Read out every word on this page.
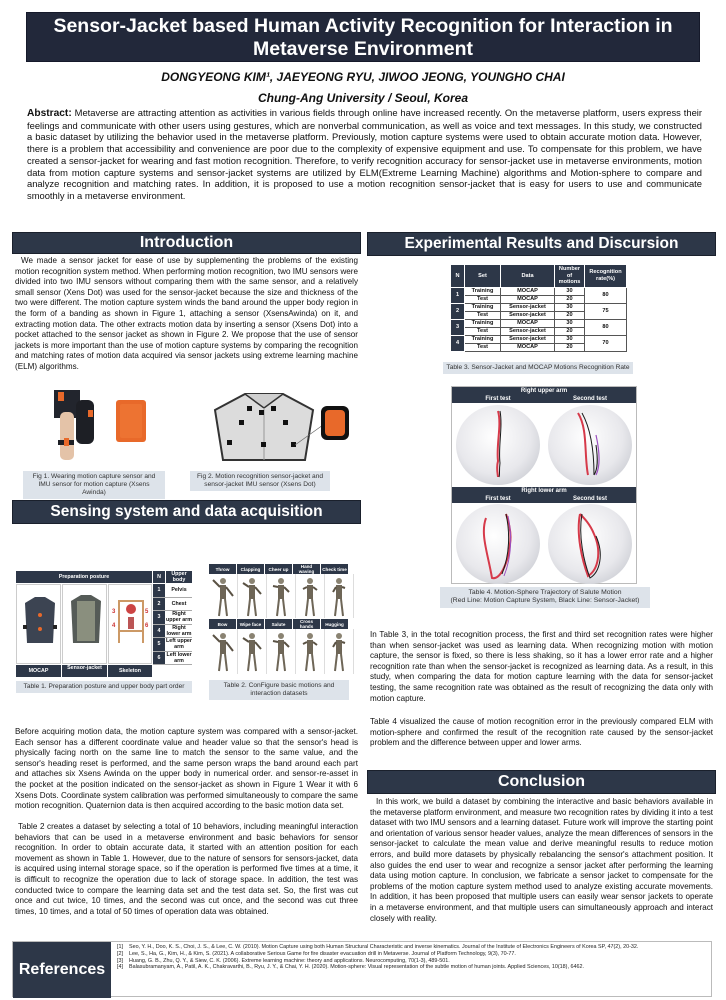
Sensor-Jacket based Human Activity Recognition for Interaction in
Metaverse Environment
DONGYEONG KIM¹, JAEYEONG RYU, JIWOO JEONG, YOUNGHO CHAI
Chung-Ang University / Seoul, Korea
Abstract: Metaverse are attracting attention as activities in various fields through online have increased recently. On the metaverse platform, users express their feelings and communicate with other users using gestures, which are nonverbal communication, as well as voice and text messages. In this study, we constructed a basic dataset by utilizing the behavior used in the metaverse platform. Previously, motion capture systems were used to obtain accurate motion data. However, there is a problem that accessibility and convenience are poor due to the complexity of expensive equipment and use. To compensate for this problem, we have created a sensor-jacket for wearing and fast motion recognition. Therefore, to verify recognition accuracy for sensor-jacket use in metaverse environments, motion data from motion capture systems and sensor-jacket systems are utilized by ELM(Extreme Learning Machine) algorithms and Motion-sphere to compare and analyze recognition and matching rates. In addition, it is proposed to use a motion recognition sensor-jacket that is easy for users to use and communicate smoothly in a metaverse environment.
Introduction
We made a sensor jacket for ease of use by supplementing the problems of the existing motion recognition system method. When performing motion recognition, two IMU sensors were divided into two IMU sensors without comparing them with the same sensor, and a relatively small sensor (Xens Dot) was used for the sensor-jacket because the size and thickness of the two were different. The motion capture system winds the band around the upper body region in the form of a banding as shown in Figure 1, attaching a sensor (XsensAwinda) on it, and extracting motion data. The other extracts motion data by inserting a sensor (Xsens Dot) into a pocket attached to the sensor jacket as shown in Figure 2. We propose that the use of sensor jackets is more important than the use of motion capture systems by comparing the recognition and matching rates of motion data acquired via sensor jackets using extreme learning machine (ELM) algorithms.
Fig 1. Wearing motion capture sensor and IMU sensor for motion capture (Xsens Awinda)
Fig 2. Motion recognition sensor-jacket and sensor-jacket IMU sensor (Xsens Dot)
Sensing system and data acquisition
Preparation posture	N	Upper body
3	5
4	6
MOCAP	Sensor-jacket	Skeleton
1	Pelvis
2	Chest
3	Right upper arm
4	Right lower arm
5	Left upper arm
6	Left lower arm
Table 1. Preparation posture and upper body part order
Throw	Clapping	Cheer up	Hand waving	Check time
Bow	Wipe face	Salute	Cross hands	Hugging
Table 2. ConFigure basic motions and interaction datasets
Before acquiring motion data, the motion capture system was compared with a sensor-jacket. Each sensor has a different coordinate value and header value so that the sensor's head is physically facing north on the same line to match the sensor to the same value, and the sensor's heading reset is performed, and the same person wraps the band around each part and attaches six Xsens Awinda on the upper body in numerical order. and sensor-re-asset in the pocket at the position indicated on the sensor-jacket as shown in Figure 1 Wear it with 6 Xsens Dots. Coordinate system calibration was performed simultaneously to compare the same motion recognition. Quaternion data is then acquired according to the basic motion data set.
Table 2 creates a dataset by selecting a total of 10 behaviors, including meaningful interaction behaviors that can be used in a metaverse environment and basic behaviors for sensor recognition. In order to obtain accurate data, it started with an attention position for each movement as shown in Table 1. However, due to the nature of sensors for sensors-jacket, data is acquired using internal storage space, so if the operation is performed five times at a time, it is difficult to recognize the operation due to lack of storage space. In addition, the test was conducted twice to compare the learning data set and the test data set. So, the first was cut once and cut twice, 10 times, and the second was cut once, and the second was cut three times, 10 times, and a total of 50 times of operation data was obtained.
Experimental Results and Discursion
N	Set	Data	Number of motions	Recognition rate(%)
1	Training	MOCAP	30	80
	Test	MOCAP	20	
2	Training	Sensor-jacket	30	75
	Test	Sensor-jacket	20	
3	Training	MOCAP	30	80
	Test	Sensor-jacket	20	
4	Training	Sensor-jacket	30	70
	Test	MOCAP	20	
Table 3. Sensor-Jacket and MOCAP Motions Recognition Rate
Right upper arm
First test	Second test
Right lower arm
First test	Second test
Table 4. Motion-Sphere Trajectory of Salute Motion
(Red Line: Motion Capture System, Black Line: Sensor-Jacket)
In Table 3, in the total recognition process, the first and third set recognition rates were higher than when sensor-jacket was used as learning data. When recognizing motion with motion capture, the sensor is fixed, so there is less shaking, so it has a lower error rate and a higher recognition rate than when the sensor-jacket is recognized as learning data. As a result, in this study, when comparing the data for motion capture learning with the data for sensor-jacket testing, the same recognition rate was obtained as the result of recognizing the data only with motion capture.
Table 4 visualized the cause of motion recognition error in the previously compared ELM with motion-sphere and confirmed the result of the recognition rate caused by the sensor-jacket problem and the difference between upper and lower arms.
Conclusion
In this work, we build a dataset by combining the interactive and basic behaviors available in the metaverse platform environment, and measure two recognition rates by dividing it into a test dataset with two IMU sensors and a learning dataset. Future work will improve the starting point and orientation of various sensor header values, analyze the mean differences of sensors in the sensor-jacket to calculate the mean value and derive meaningful results to reduce motion errors, and build more datasets by physically rebalancing the sensor's attachment position. It also guides the end user to wear and recognize a sensor jacket after performing the learning data using motion capture. In conclusion, we fabricate a sensor jacket to compensate for the problems of the motion capture system method used to analyze existing accurate movements. In addition, it has been proposed that multiple users can easily wear sensor jackets to operate in a metaverse environment, and that multiple users can simultaneously approach and interact closely with reality.
References
[1]	Seo, Y. H., Doo, K. S., Choi, J. S., & Lee, C. W. (2010). Motion Capture using both Human Structural Characteristic and inverse kinematics. Journal of the Institute of Electronics Engineers of Korea SP, 47(2), 20-32.
[2]	Lee, S., Ha, G., Kim, H., & Kim, S. (2021). A collaborative Serious Game for fire disaster evacuation drill in Metaverse. Journal of Platform Technology, 9(3), 70-77.
[3]	Huang, G. B., Zhu, Q. Y., & Siew, C. K. (2006). Extreme learning machine: theory and applications. Neurocomputing, 70(1-3), 489-501.
[4]	Balasubramanyam, A., Patil, A. K., Chakravarthi, B., Ryu, J. Y., & Chai, Y. H. (2020). Motion-sphere: Visual representation of the subtle motion of human joints. Applied Sciences, 10(18), 6462.
